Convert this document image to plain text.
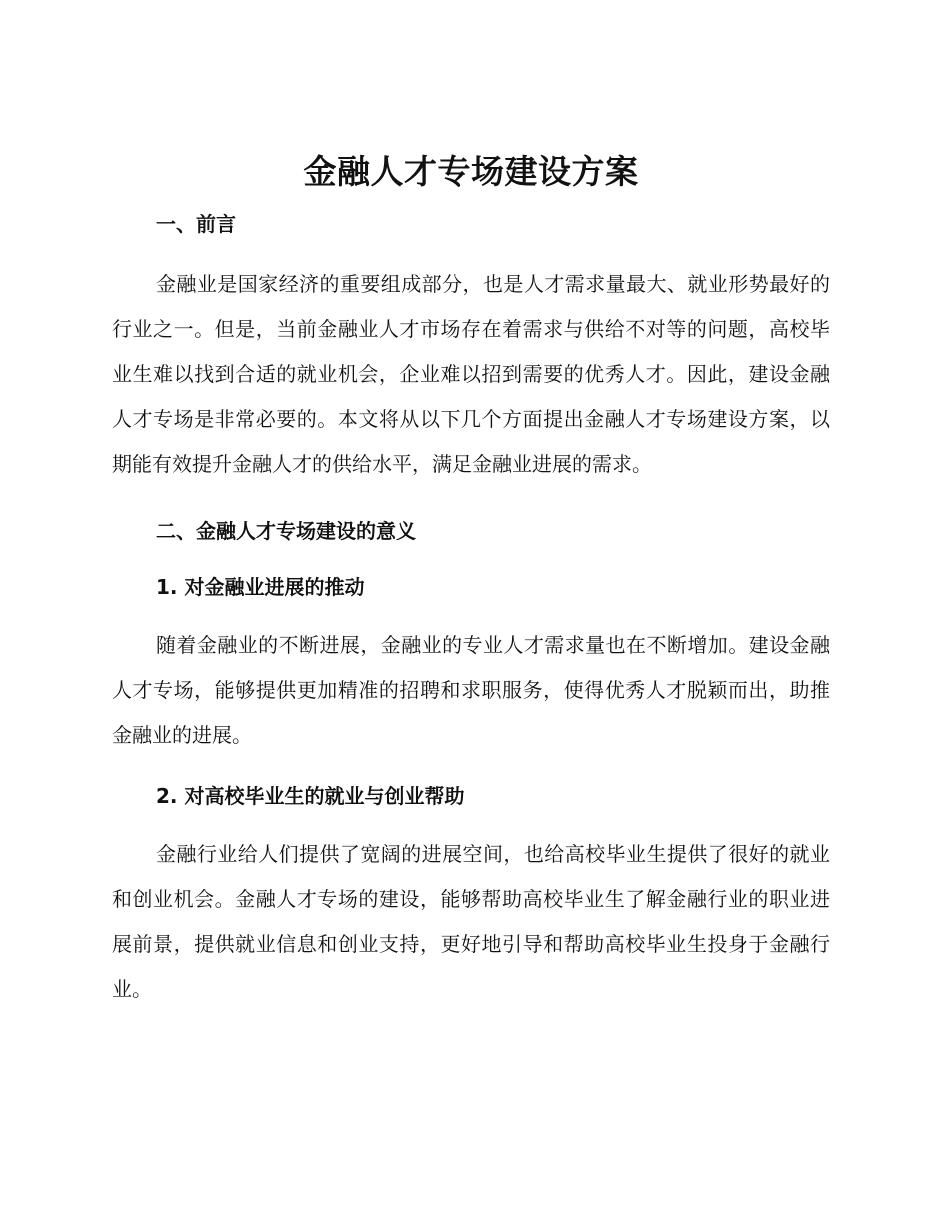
金融人才专场建设方案
一、前言

金融业是国家经济的重要组成部分，也是人才需求量最大、就业形势最好的行业之一。但是，当前金融业人才市场存在着需求与供给不对等的问题，高校毕业生难以找到合适的就业机会，企业难以招到需要的优秀人才。因此，建设金融人才专场是非常必要的。本文将从以下几个方面提出金融人才专场建设方案，以期能有效提升金融人才的供给水平，满足金融业进展的需求。

二、金融人才专场建设的意义
1. 对金融业进展的推动

随着金融业的不断进展，金融业的专业人才需求量也在不断增加。建设金融人才专场，能够提供更加精准的招聘和求职服务，使得优秀人才脱颖而出，助推金融业的进展。

2. 对高校毕业生的就业与创业帮助

金融行业给人们提供了宽阔的进展空间，也给高校毕业生提供了很好的就业和创业机会。金融人才专场的建设，能够帮助高校毕业生了解金融行业的职业进展前景，提供就业信息和创业支持，更好地引导和帮助高校毕业生投身于金融行业。
